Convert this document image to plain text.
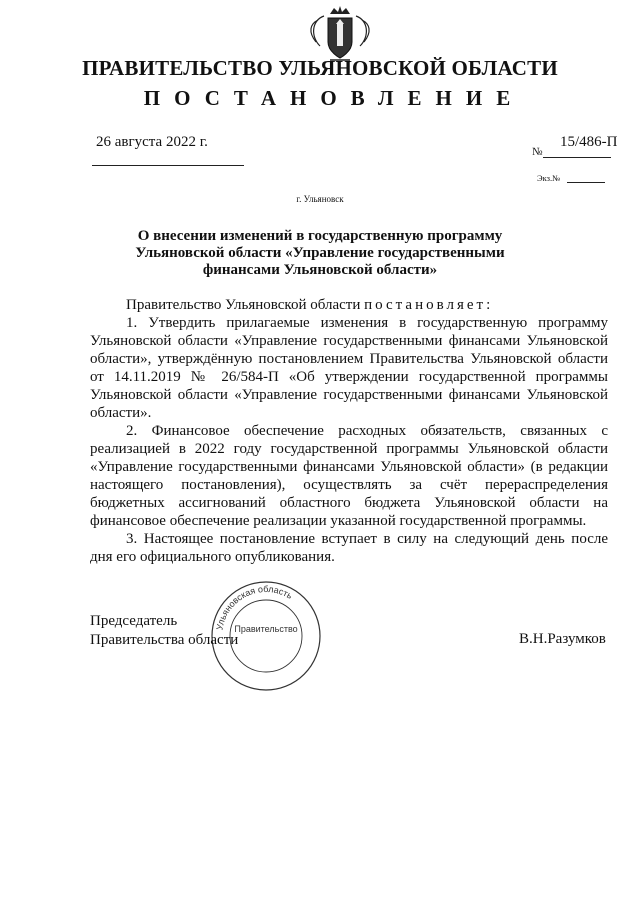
ПРАВИТЕЛЬСТВО УЛЬЯНОВСКОЙ ОБЛАСТИ
ПОСТАНОВЛЕНИЕ
26 августа 2022 г.
№
15/486-П
Экз.№
г. Ульяновск
О внесении изменений в государственную программу Ульяновской области «Управление государственными финансами Ульяновской области»

Правительство Ульяновской области постановляет:

1. Утвердить прилагаемые изменения в государственную программу Ульяновской области «Управление государственными финансами Ульяновской области», утверждённую постановлением Правительства Ульяновской области от 14.11.2019 № 26/584-П «Об утверждении государственной программы Ульяновской области «Управление государственными финансами Ульяновской области».

2. Финансовое обеспечение расходных обязательств, связанных с реализацией в 2022 году государственной программы Ульяновской области «Управление государственными финансами Ульяновской области» (в редакции настоящего постановления), осуществлять за счёт перераспределения бюджетных ассигнований областного бюджета Ульяновской области на финансовое обеспечение реализации указанной государственной программы.

3. Настоящее постановление вступает в силу на следующий день после дня его официального опубликования.

Ульяновская область
Правительство
Председатель
Правительства области	В.Н.Разумков
